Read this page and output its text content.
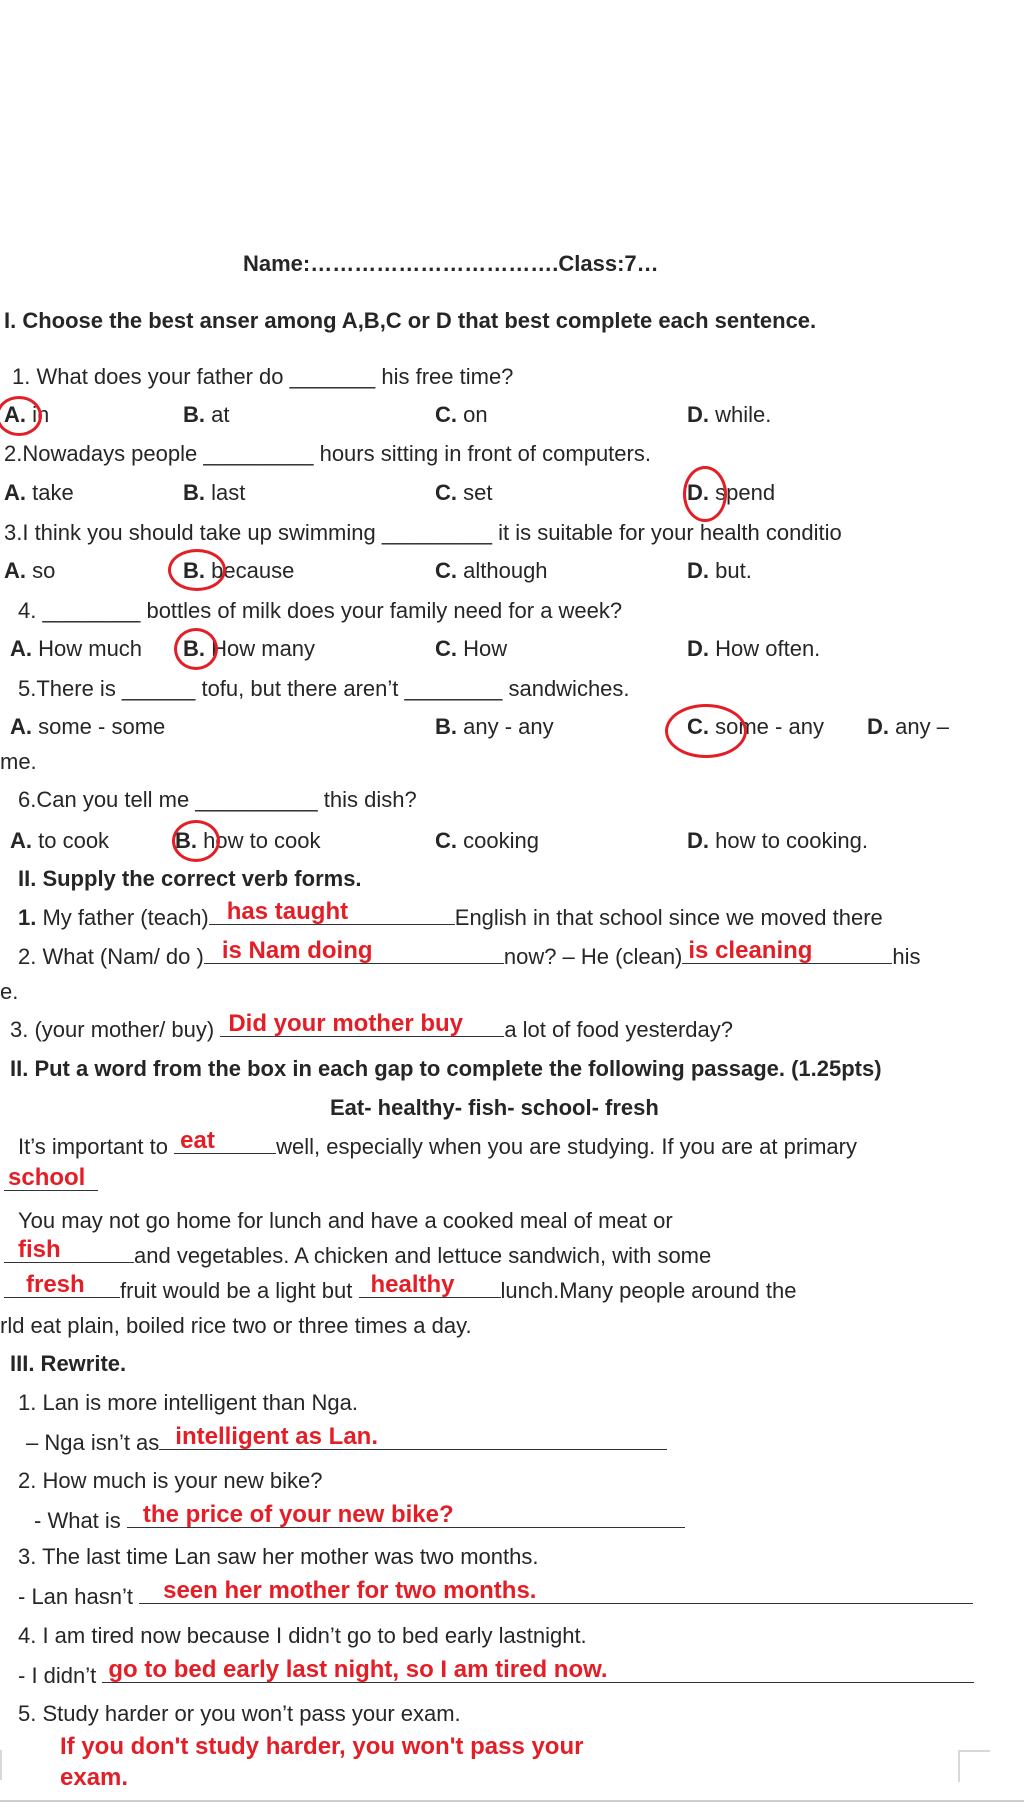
Name:…………………………….Class:7…
I. Choose the best anser among A,B,C or D that best complete each sentence.
1. What does your father do _______ his free time?
A. in	B. at	C. on	D. while.
2.Nowadays people _________ hours sitting in front of computers.
A. take	B. last	C. set	D. spend
3.I think you should take up swimming _________ it is suitable for your health conditio
A. so	B. because	C. although	D. but.
4. ________ bottles of milk does your family need for a week?
A. How much B. How many	C. How	D. How often.
5.There is ______ tofu, but there aren’t ________ sandwiches.
A. some - some	B. any - any	C. some - any D. any –
me.
6.Can you tell me __________ this dish?
A. to cook	B. how to cook	C. cooking	D. how to cooking.
II. Supply the correct verb forms.
1. My father (teach) has taught	English in that school since we moved there
2. What (Nam/ do ) is Nam doing	now? – He (clean) is cleaning	his
e.
3. (your mother/ buy) Did your mother buy a lot of food yesterday?
II. Put a word from the box in each gap to complete the following passage. (1.25pts)
Eat- healthy- fish- school- fresh
It’s important to eat	well, especially when you are studying. If you are at primary
school
You may not go home for lunch and have a cooked meal of meat or
fish	and vegetables. A chicken and lettuce sandwich, with some
fresh fruit would be a light but healthy lunch.Many people around the
rld eat plain, boiled rice two or three times a day.
III. Rewrite.
1. Lan is more intelligent than Nga.
– Nga isn’t as intelligent as Lan.
2. How much is your new bike?
- What is the price of your new bike?
3. The last time Lan saw her mother was two months.
- Lan hasn’t seen her mother for two months.
4. I am tired now because I didn’t go to bed early lastnight.
- I didn’t go to bed early last night, so I am tired now.
5. Study harder or you won’t pass your exam.
If you don't study harder, you won't pass your
exam.
